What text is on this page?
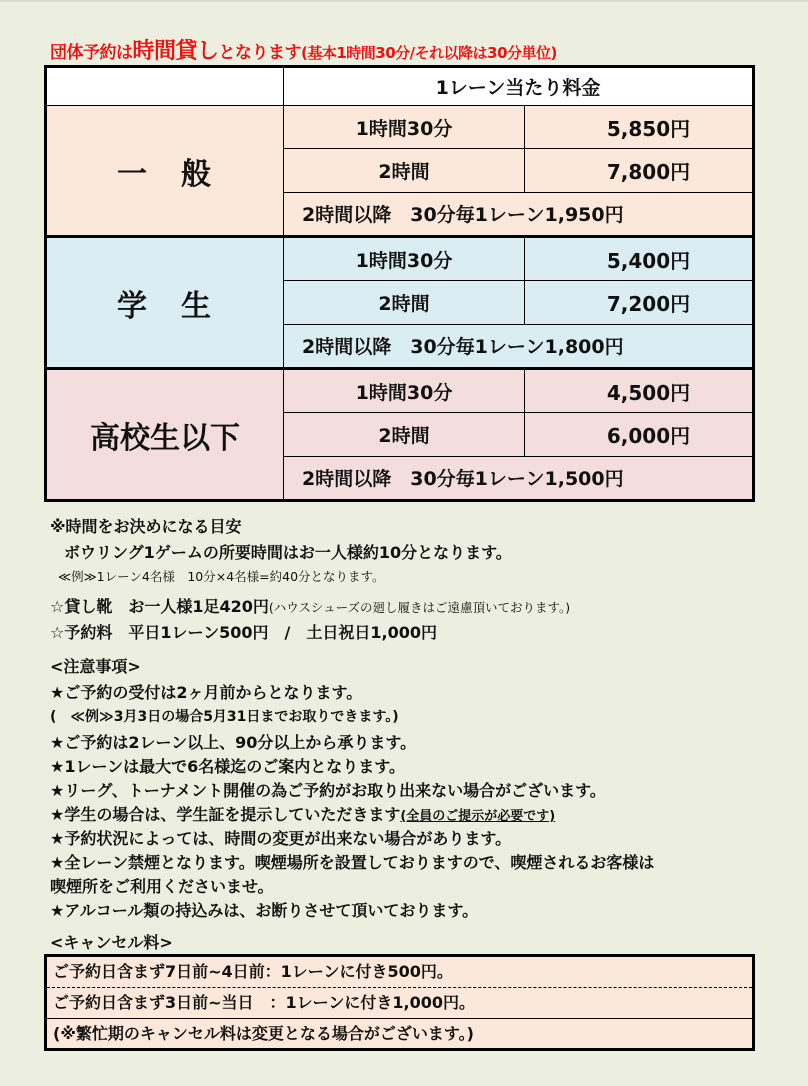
団体予約は時間貸しとなります(基本1時間30分/それ以降は30分単位)
	1レーン当たり料金	
一　般	1時間30分	5,850円
	2時間	7,800円
	2時間以降　30分毎1レーン1,950円	
学　生	1時間30分	5,400円
	2時間	7,200円
	2時間以降　30分毎1レーン1,800円	
高校生以下	1時間30分	4,500円
	2時間	6,000円
	2時間以降　30分毎1レーン1,500円	
※時間をお決めになる目安
ボウリング1ゲームの所要時間はお一人様約10分となります。
≪例≫1レーン4名様　10分×4名様=約40分となります。
☆貸し靴　お一人様1足420円(ハウスシューズの廻し履きはご遠慮頂いております。)
☆予約料　平日1レーン500円　/　土日祝日1,000円
<注意事項>
★ご予約の受付は2ヶ月前からとなります。
(　≪例≫3月3日の場合5月31日までお取りできます。)
★ご予約は2レーン以上、90分以上から承ります。
★1レーンは最大で6名様迄のご案内となります。
★リーグ、トーナメント開催の為ご予約がお取り出来ない場合がございます。
★学生の場合は、学生証を提示していただきます(全員のご提示が必要です)
★予約状況によっては、時間の変更が出来ない場合があります。
★全レーン禁煙となります。喫煙場所を設置しておりますので、喫煙されるお客様は
喫煙所をご利用くださいませ。
★アルコール類の持込みは、お断りさせて頂いております。
<キャンセル料>
ご予約日含まず7日前~4日前：1レーンに付き500円。
ご予約日含まず3日前~当日　：1レーンに付き1,000円。
(※繁忙期のキャンセル料は変更となる場合がございます。)
